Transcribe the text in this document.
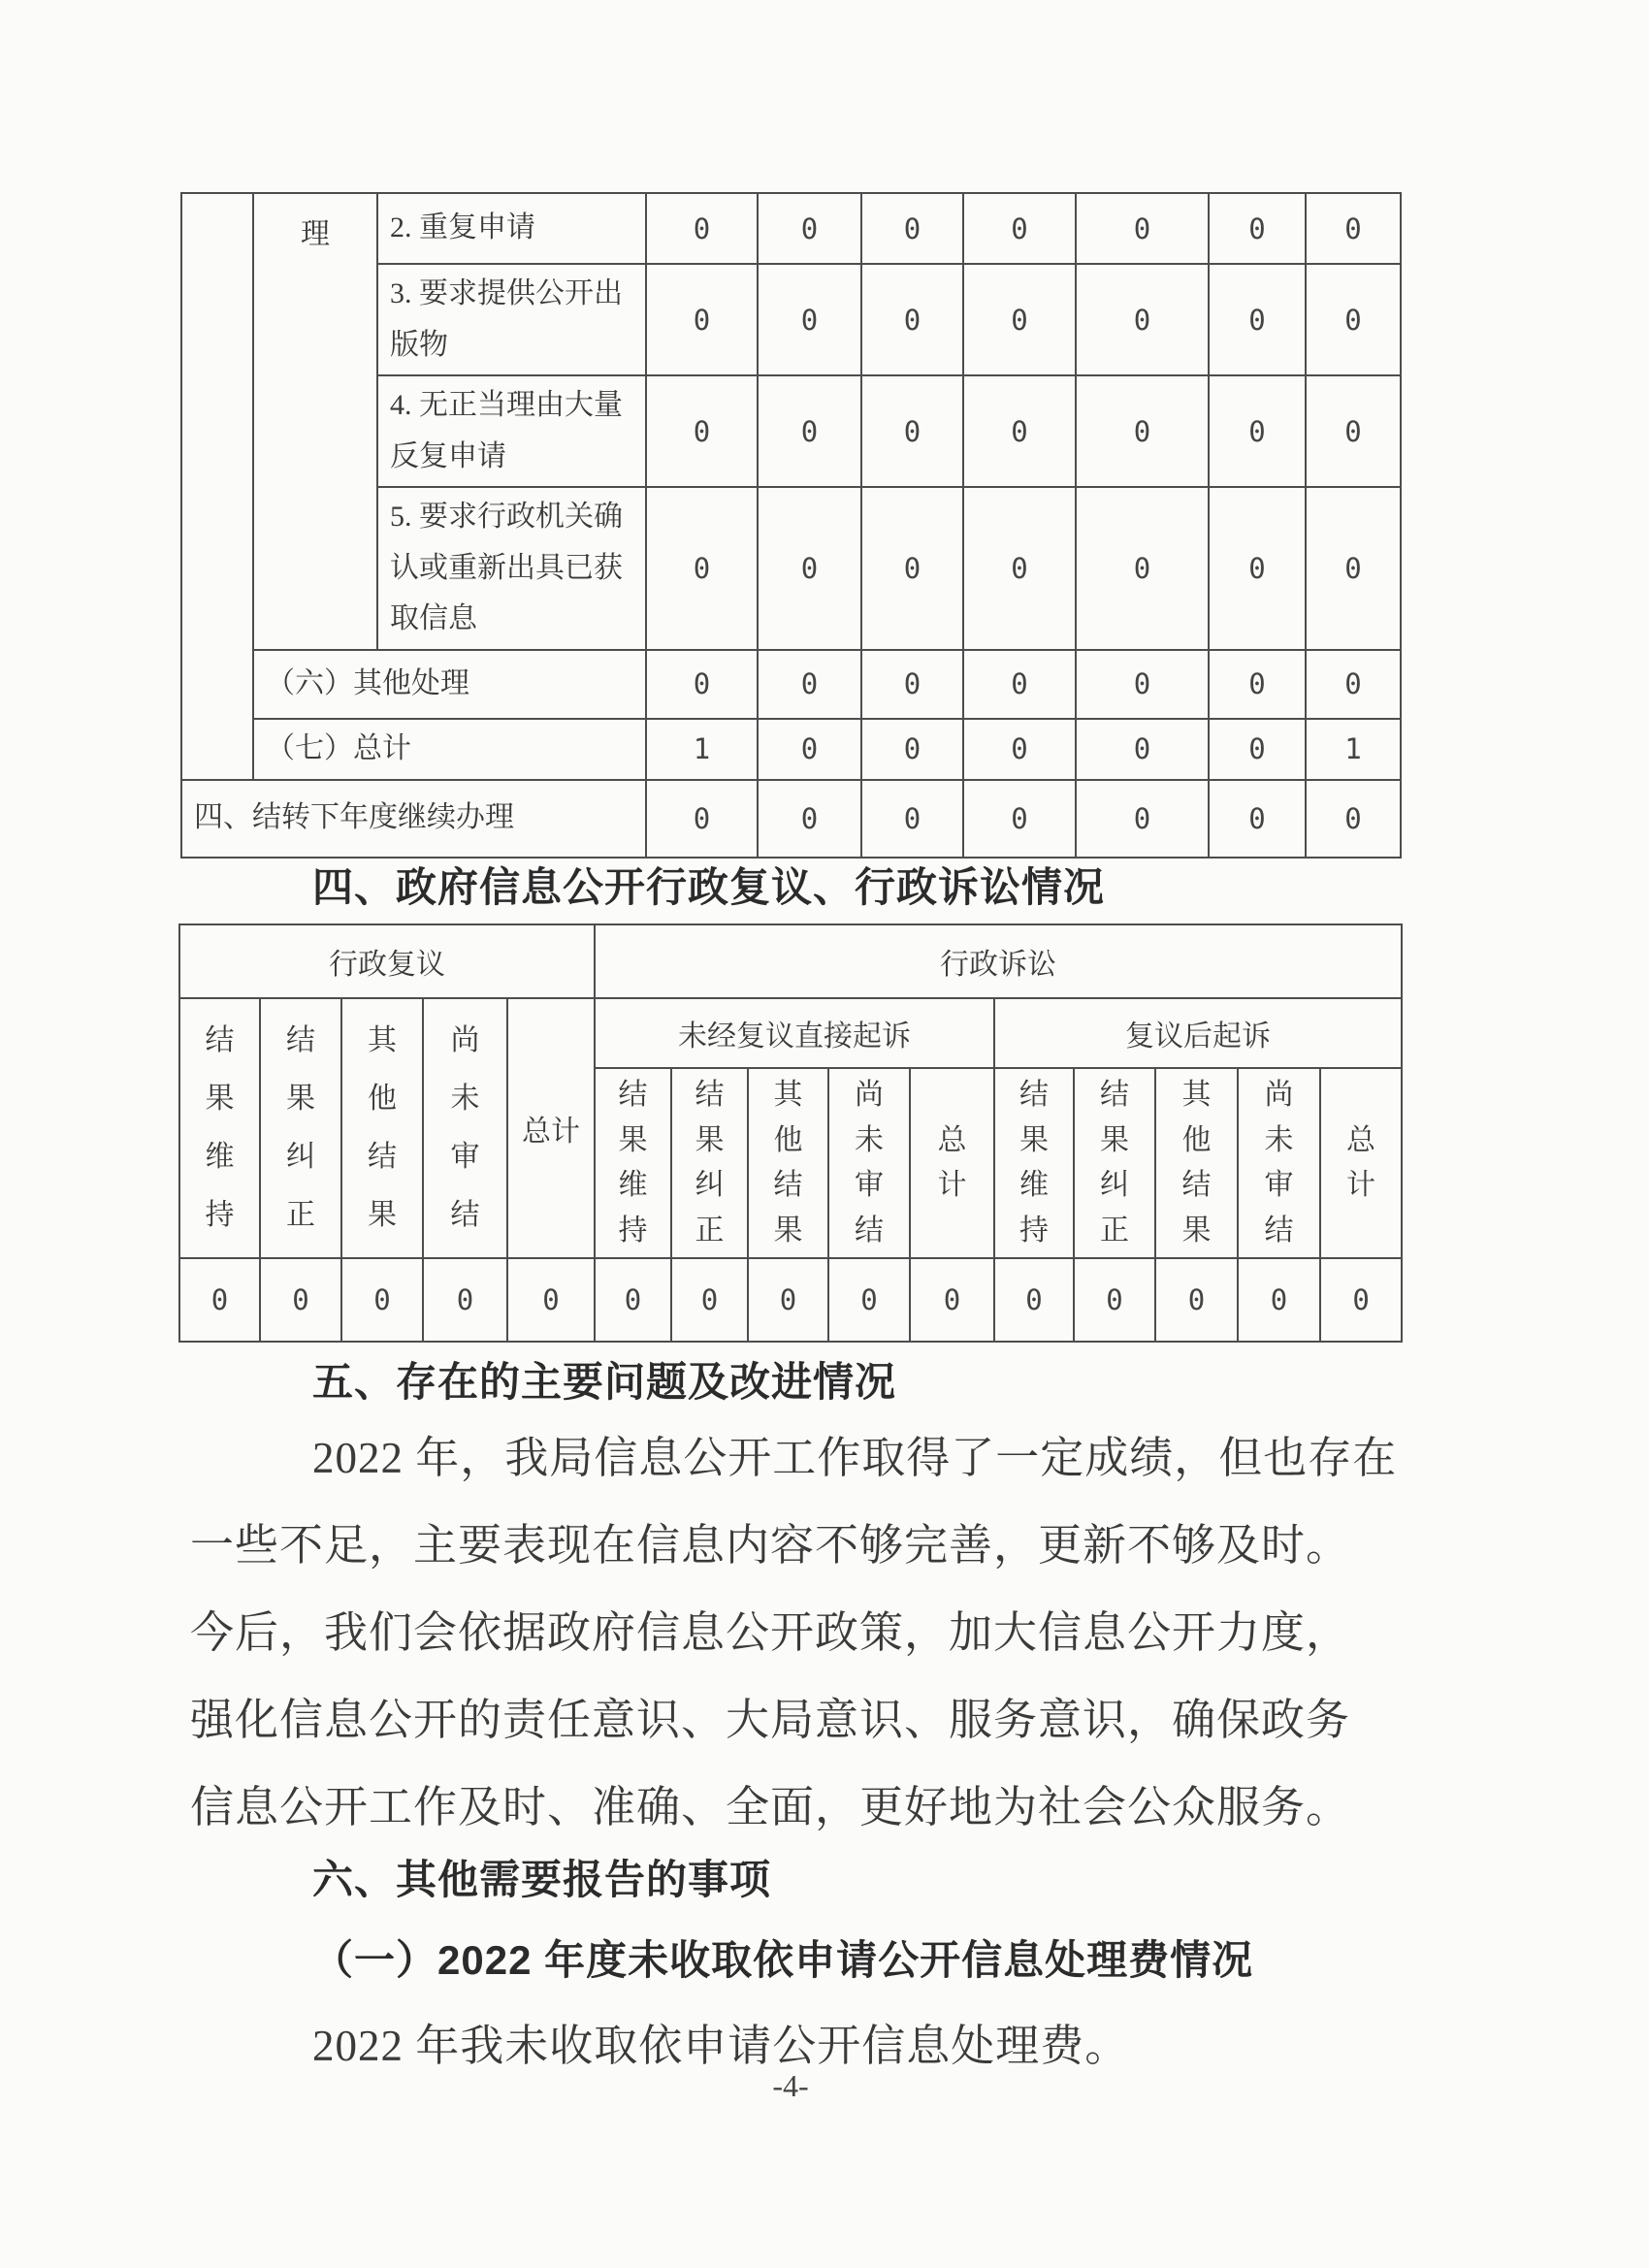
	理	2. 重复申请	0	0	0	0	0	0	0
		3. 要求提供公开出版物	0	0	0	0	0	0	0
		4. 无正当理由大量反复申请	0	0	0	0	0	0	0
		5. 要求行政机关确认或重新出具已获取信息	0	0	0	0	0	0	0
	（六）其他处理		0	0	0	0	0	0	0
	（七）总计		1	0	0	0	0	0	1
四、结转下年度继续办理			0	0	0	0	0	0	0
四、政府信息公开行政复议、行政诉讼情况
行政复议					行政诉讼									
结果维持	结果纠正	其他结果	尚未审结	总计	未经复议直接起诉					复议后起诉				
					结果维持	结果纠正	其他结果	尚未审结	总计	结果维持	结果纠正	其他结果	尚未审结	总计
0	0	0	0	0	0	0	0	0	0	0	0	0	0	0
五、存在的主要问题及改进情况
2022 年，我局信息公开工作取得了一定成绩，但也存在
一些不足，主要表现在信息内容不够完善，更新不够及时。
今后，我们会依据政府信息公开政策，加大信息公开力度，
强化信息公开的责任意识、大局意识、服务意识，确保政务
信息公开工作及时、准确、全面，更好地为社会公众服务。
六、其他需要报告的事项
（一）2022 年度未收取依申请公开信息处理费情况
2022 年我未收取依申请公开信息处理费。
-4-
